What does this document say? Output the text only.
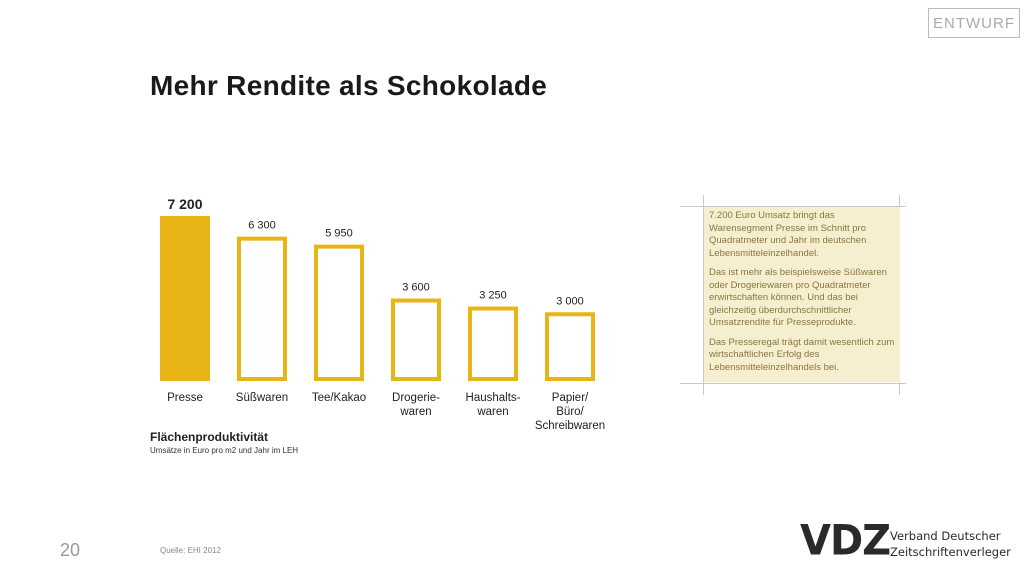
ENTWURF
Mehr Rendite als Schokolade
7 200
Presse
6 300
Süßwaren
5 950
Tee/Kakao
3 600
Drogerie-waren
3 250
Haushalts-waren
3 000
Papier/ Büro/ Schreibwaren
Flächenproduktivität
Umsätze in Euro pro m2 und Jahr im LEH

7.200 Euro Umsatz bringt das Warensegment Presse im Schnitt pro Quadratmeter und Jahr im deutschen Lebensmitteleinzelhandel.

Das ist mehr als beispielsweise Süßwaren oder Drogeriewaren pro Quadratmeter erwirtschaften können. Und das bei gleichzeitig überdurchschnittlicher Umsatzrendite für Presseprodukte.

Das Presseregal trägt damit wesentlich zum wirtschaftlichen Erfolg des Lebensmitteleinzelhandels bei.

20	Quelle: EHI 2012	VDZ Verband Deutscher
Zeitschriftenverleger
